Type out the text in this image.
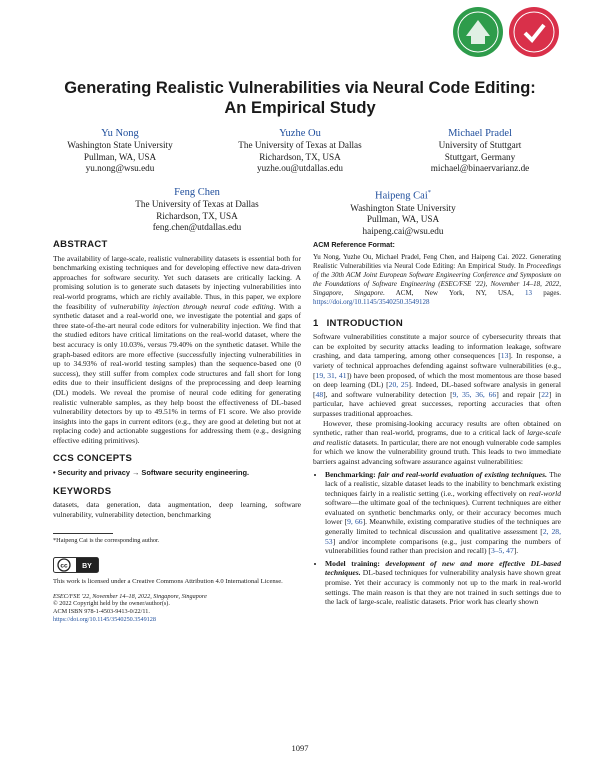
Generating Realistic Vulnerabilities via Neural Code Editing:
An Empirical Study
Yu Nong
Washington State University
Pullman, WA, USA
yu.nong@wsu.edu
Yuzhe Ou
The University of Texas at Dallas
Richardson, TX, USA
yuzhe.ou@utdallas.edu
Michael Pradel
University of Stuttgart
Stuttgart, Germany
michael@binaervarianz.de
Feng Chen
The University of Texas at Dallas
Richardson, TX, USA
feng.chen@utdallas.edu
Haipeng Cai*
Washington State University
Pullman, WA, USA
haipeng.cai@wsu.edu
ABSTRACT

The availability of large-scale, realistic vulnerability datasets is essential both for benchmarking existing techniques and for developing effective new data-driven approaches for software security. Yet such datasets are critically lacking. A promising solution is to generate such datasets by injecting vulnerabilities into real-world programs, which are richly available. Thus, in this paper, we explore the feasibility of vulnerability injection through neural code editing. With a synthetic dataset and a real-world one, we investigate the potential and gaps of three state-of-the-art neural code editors for vulnerability injection. We find that the studied editors have critical limitations on the real-world dataset, where the best accuracy is only 10.03%, versus 79.40% on the synthetic dataset. While the graph-based editors are more effective (successfully injecting vulnerabilities in up to 34.93% of real-world testing samples) than the sequence-based one (0 success), they still suffer from complex code structures and fall short for long edits due to their insufficient designs of the preprocessing and deep learning (DL) models. We reveal the promise of neural code editing for generating realistic vulnerable samples, as they help boost the effectiveness of DL-based vulnerability detectors by up to 49.51% in terms of F1 score. We also provide insights into the gaps in current editors (e.g., they are good at deleting but not at replacing code) and actionable suggestions for addressing them (e.g., designing effective editing primitives).

CCS CONCEPTS

• Security and privacy → Software security engineering.

KEYWORDS

datasets, data generation, data augmentation, deep learning, software vulnerability, vulnerability detection, benchmarking

*Haipeng Cai is the corresponding author.

cc BY

This work is licensed under a Creative Commons Attribution 4.0 International License.

ESEC/FSE '22, November 14–18, 2022, Singapore, Singapore
© 2022 Copyright held by the owner/author(s).
ACM ISBN 978-1-4503-9413-0/22/11.
https://doi.org/10.1145/3540250.3549128
ACM Reference Format:

Yu Nong, Yuzhe Ou, Michael Pradel, Feng Chen, and Haipeng Cai. 2022. Generating Realistic Vulnerabilities via Neural Code Editing: An Empirical Study. In Proceedings of the 30th ACM Joint European Software Engineering Conference and Symposium on the Foundations of Software Engineering (ESEC/FSE '22), November 14–18, 2022, Singapore, Singapore. ACM, New York, NY, USA, 13 pages. https://doi.org/10.1145/3540250.3549128

1 INTRODUCTION

Software vulnerabilities constitute a major source of cybersecurity threats that can be exploited by security attacks leading to information leakage, software crashing, and data tampering, among other consequences [13]. In response, a variety of technical approaches defending against software vulnerabilities (e.g., [19, 31, 41]) have been proposed, of which the most momentous are those based on deep learning (DL) [20, 25]. Indeed, DL-based software analysis in general [48], and software vulnerability detection [9, 35, 36, 66] and repair [22] in particular, have achieved great successes, reporting accuracies that often surpasses traditional approaches.

However, these promising-looking accuracy results are often obtained on synthetic, rather than real-world, programs, due to a critical lack of large-scale and realistic datasets. In particular, there are not enough vulnerable code samples for which we know the vulnerability ground truth. This leads to two immediate barriers against advancing software assurance against vulnerabilities:

• Benchmarking: fair and real-world evaluation of existing techniques. The lack of a realistic, sizable dataset leads to the inability to benchmark existing techniques fairly in a realistic setting (i.e., working effectively on real-world software—the ultimate goal of the techniques). Current techniques are either evaluated on synthetic benchmarks only, or their accuracy becomes much lower [9, 66]. Meanwhile, existing comparative studies of the techniques are generally limited to technical discussion and qualitative assessment [2, 28, 53] and/or incomplete comparisons (e.g., just comparing the numbers of vulnerabilities found rather than precision and recall) [3–5, 47].
• Model training: development of new and more effective DL-based techniques. DL-based techniques for vulnerability analysis have shown great promise. Yet their accuracy is commonly not up to the mark in real-world settings. The main reason is that they are not trained in such settings due to the lack of large-scale, realistic datasets. Prior work has clearly shown
1097
